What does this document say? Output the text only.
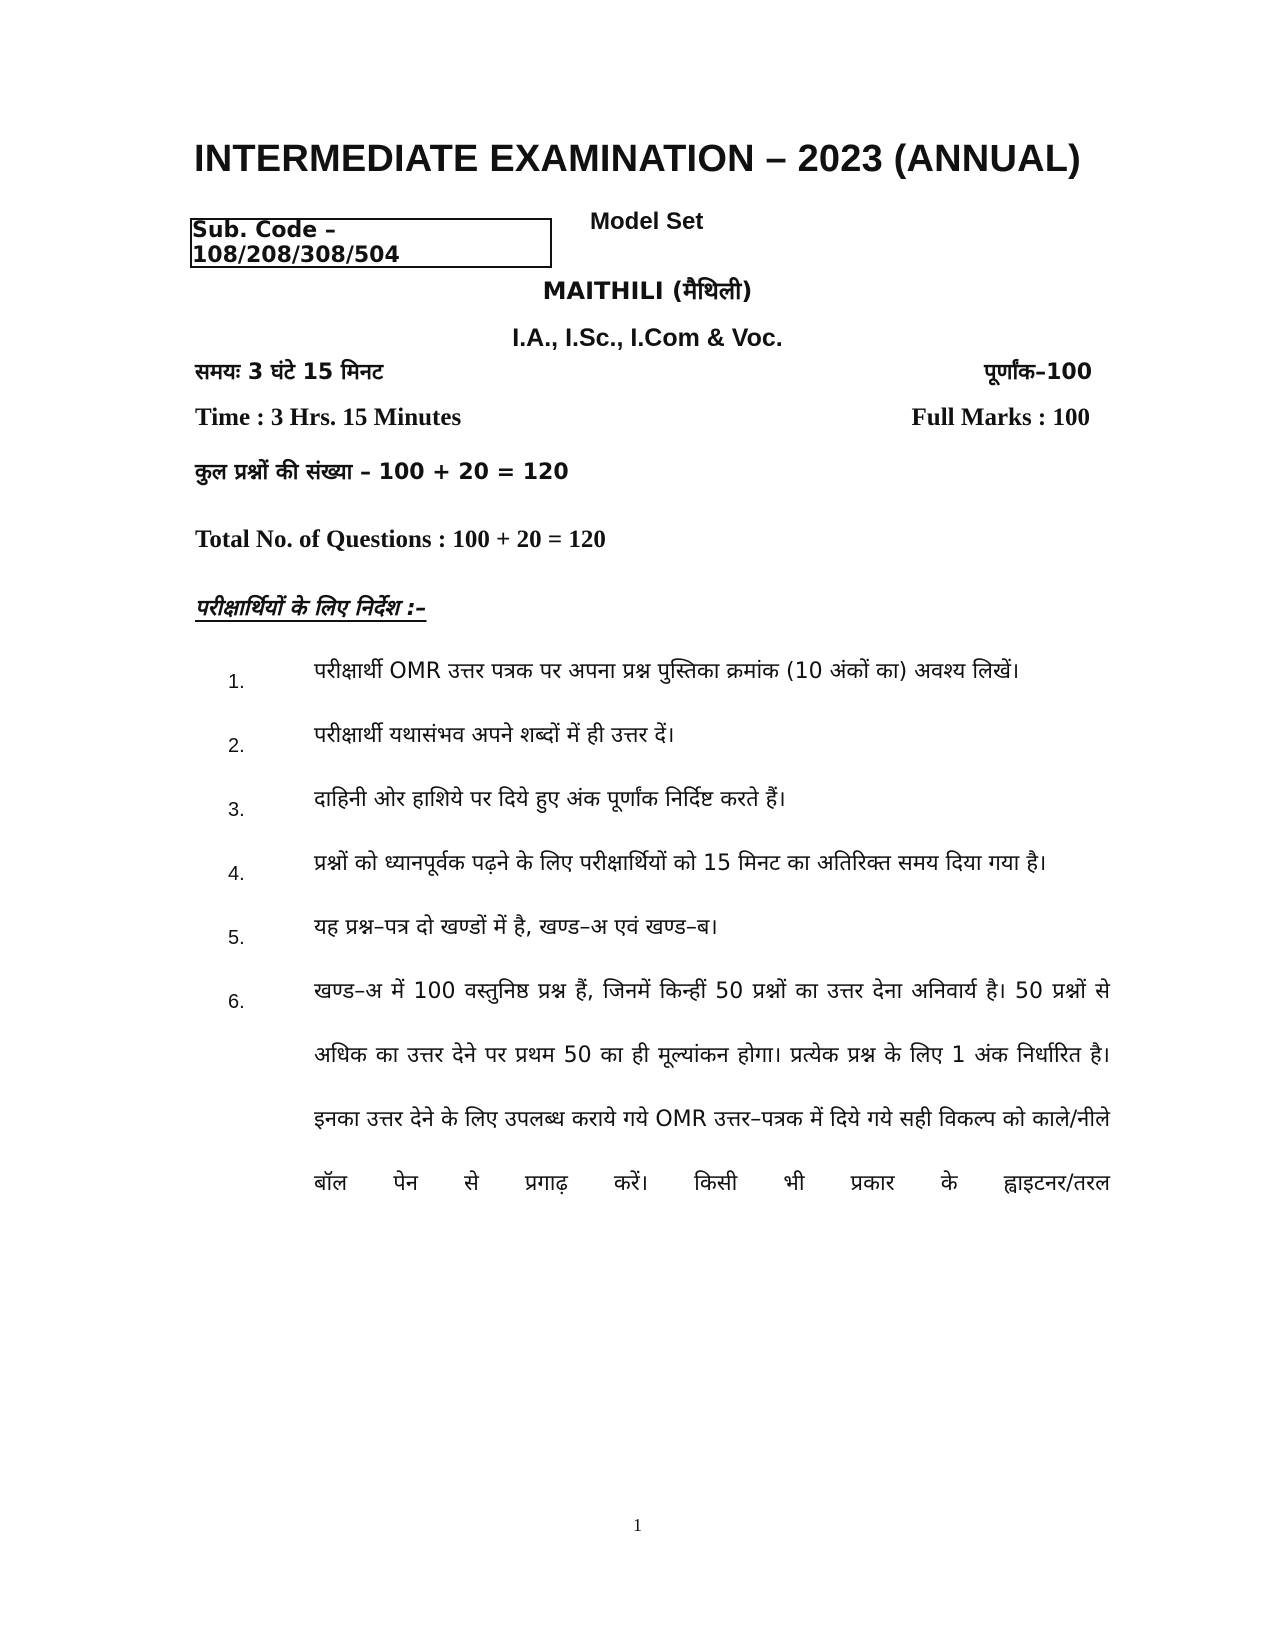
INTERMEDIATE EXAMINATION – 2023 (ANNUAL)
Sub. Code – 108/208/308/504
Model Set
MAITHILI (मैथिली)
I.A., I.Sc., I.Com & Voc.
समयः 3 घंटे 15 मिनट	पूर्णांक–100
Time : 3 Hrs. 15 Minutes	Full Marks : 100
कुल प्रश्नों की संख्या – 100 + 20 = 120
Total No. of Questions : 100 + 20 = 120
परीक्षार्थियों के लिए निर्देश :–
1.	परीक्षार्थी OMR उत्तर पत्रक पर अपना प्रश्न पुस्तिका क्रमांक (10 अंकों का) अवश्य लिखें।
2.	परीक्षार्थी यथासंभव अपने शब्दों में ही उत्तर दें।
3.	दाहिनी ओर हाशिये पर दिये हुए अंक पूर्णांक निर्दिष्ट करते हैं।
4.	प्रश्नों को ध्यानपूर्वक पढ़ने के लिए परीक्षार्थियों को 15 मिनट का अतिरिक्त समय दिया गया है।
5.	यह प्रश्न–पत्र दो खण्डों में है, खण्ड–अ एवं खण्ड–ब।
6.	खण्ड–अ में 100 वस्तुनिष्ठ प्रश्न हैं, जिनमें किन्हीं 50 प्रश्नों का उत्तर देना अनिवार्य है। 50 प्रश्नों से अधिक का उत्तर देने पर प्रथम 50 का ही मूल्यांकन होगा। प्रत्येक प्रश्न के लिए 1 अंक निर्धारित है। इनका उत्तर देने के लिए उपलब्ध कराये गये OMR उत्तर–पत्रक में दिये गये सही विकल्प को काले/नीले बॉल पेन से प्रगाढ़ करें। किसी भी प्रकार के ह्वाइटनर/तरल
1
